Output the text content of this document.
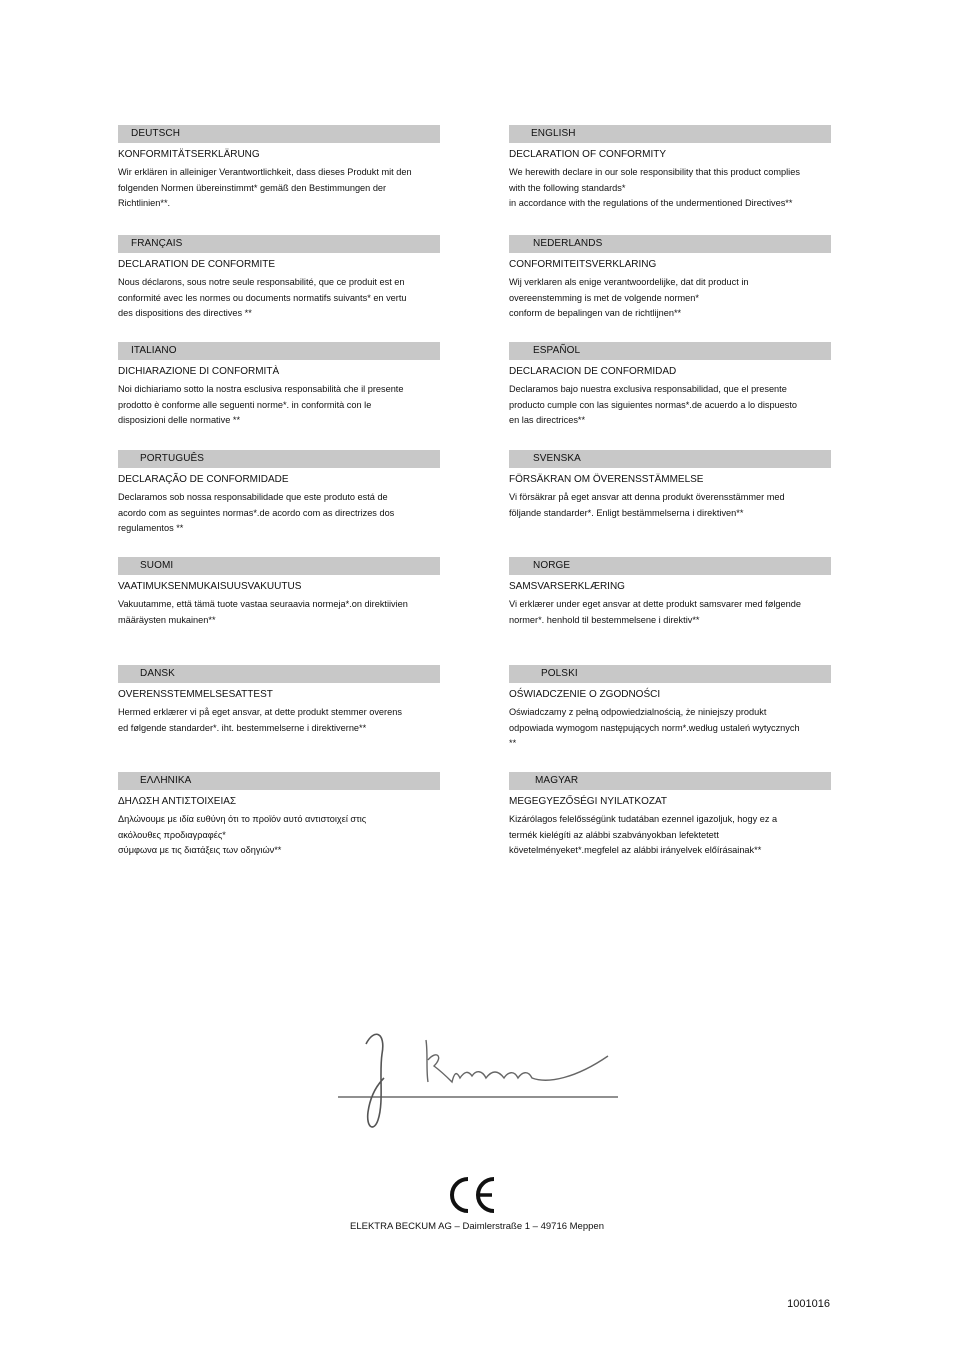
DEUTSCH
KONFORMITÄTSERKLÄRUNG
Wir erklären in alleiniger Verantwortlichkeit, dass dieses Produkt mit den
folgenden Normen übereinstimmt* gemäß den Bestimmungen der
Richtlinien**.
FRANÇAIS
DECLARATION DE CONFORMITE
Nous déclarons, sous notre seule responsabilité, que ce produit est en
conformité avec les normes ou documents normatifs suivants* en vertu
des dispositions des directives **
ITALIANO
DICHIARAZIONE DI CONFORMITÀ
Noi dichiariamo sotto la nostra esclusiva responsabilità che il presente
prodotto è conforme alle seguenti norme*. in conformità con le
disposizioni delle normative **
PORTUGUÊS
DECLARAÇÃO DE CONFORMIDADE
Declaramos sob nossa responsabilidade que este produto está de
acordo com as seguintes normas*.de acordo com as directrizes dos
regulamentos **
SUOMI
VAATIMUKSENMUKAISUUSVAKUUTUS
Vakuutamme, että tämä tuote vastaa seuraavia normeja*.on direktiivien
määräysten mukainen**
DANSK
OVERENSSTEMMELSESATTEST
Hermed erklærer vi på eget ansvar, at dette produkt stemmer overens
ed følgende standarder*. iht. bestemmelserne i direktiverne**
ΕΛΛΗΝΙΚΑ
ΔΗΛΩΣΗ ΑΝΤΙΣΤΟΙΧΕΙΑΣ
Δηλώνουμε με ιδία ευθύνη ότι το προϊόν αυτό αντιστοιχεί στις
ακόλουθες προδιαγραφές*
σύμφωνα με τις διατάξεις των οδηγιών**
ENGLISH
DECLARATION OF CONFORMITY
We herewith declare in our sole responsibility that this product complies
with the following standards*
in accordance with the regulations of the undermentioned Directives**
NEDERLANDS
CONFORMITEITSVERKLARING
Wij verklaren als enige verantwoordelijke, dat dit product in
overeenstemming is met de volgende normen*
conform de bepalingen van de richtlijnen**
ESPAÑOL
DECLARACION DE CONFORMIDAD
Declaramos bajo nuestra exclusiva responsabilidad, que el presente
producto cumple con las siguientes normas*.de acuerdo a lo dispuesto
en las directrices**
SVENSKA
FÖRSÄKRAN OM ÖVERENSSTÄMMELSE
Vi försäkrar på eget ansvar att denna produkt överensstämmer med
följande standarder*. Enligt bestämmelserna i direktiven**
NORGE
SAMSVARSERKLÆRING
Vi erklærer under eget ansvar at dette produkt samsvarer med følgende
normer*. henhold til bestemmelsene i direktiv**
POLSKI
OŚWIADCZENIE O ZGODNOŚCI
Oświadczamy z pełną odpowiedzialnością, że niniejszy produkt
odpowiada wymogom następujących norm*.według ustaleń wytycznych
**
MAGYAR
MEGEGYEZŐSÉGI NYILATKOZAT
Kizárólagos felelősségünk tudatában ezennel igazoljuk, hogy ez a
termék kielégíti az alábbi szabványokban lefektetett
követelményeket*.megfelel az alábbi irányelvek előírásainak**
ELEKTRA BECKUM AG – Daimlerstraße 1 – 49716 Meppen
1001016
